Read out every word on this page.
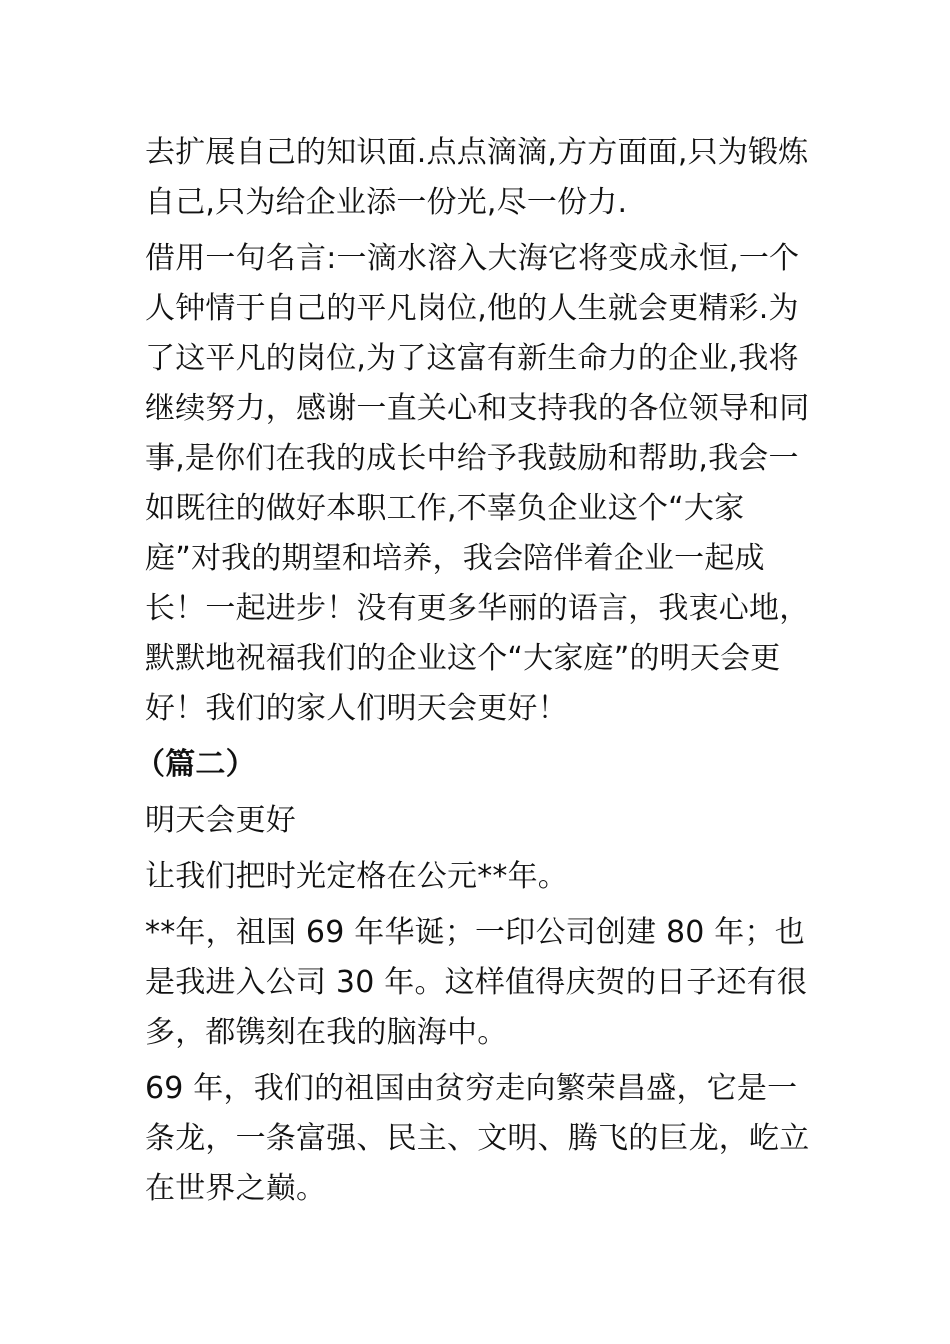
去扩展自己的知识面.点点滴滴,方方面面,只为锻炼自己,只为给企业添一份光,尽一份力.

借用一句名言:一滴水溶入大海它将变成永恒,一个人钟情于自己的平凡岗位,他的人生就会更精彩.为了这平凡的岗位,为了这富有新生命力的企业,我将继续努力，感谢一直关心和支持我的各位领导和同事,是你们在我的成长中给予我鼓励和帮助,我会一如既往的做好本职工作,不辜负企业这个“大家庭”对我的期望和培养，我会陪伴着企业一起成长！一起进步！没有更多华丽的语言，我衷心地，默默地祝福我们的企业这个“大家庭”的明天会更好！我们的家人们明天会更好！

（篇二）

明天会更好

让我们把时光定格在公元**年。

**年，祖国 69 年华诞；一印公司创建 80 年；也是我进入公司 30 年。这样值得庆贺的日子还有很多，都镌刻在我的脑海中。

69 年，我们的祖国由贫穷走向繁荣昌盛，它是一条龙，一条富强、民主、文明、腾飞的巨龙，屹立在世界之巅。
